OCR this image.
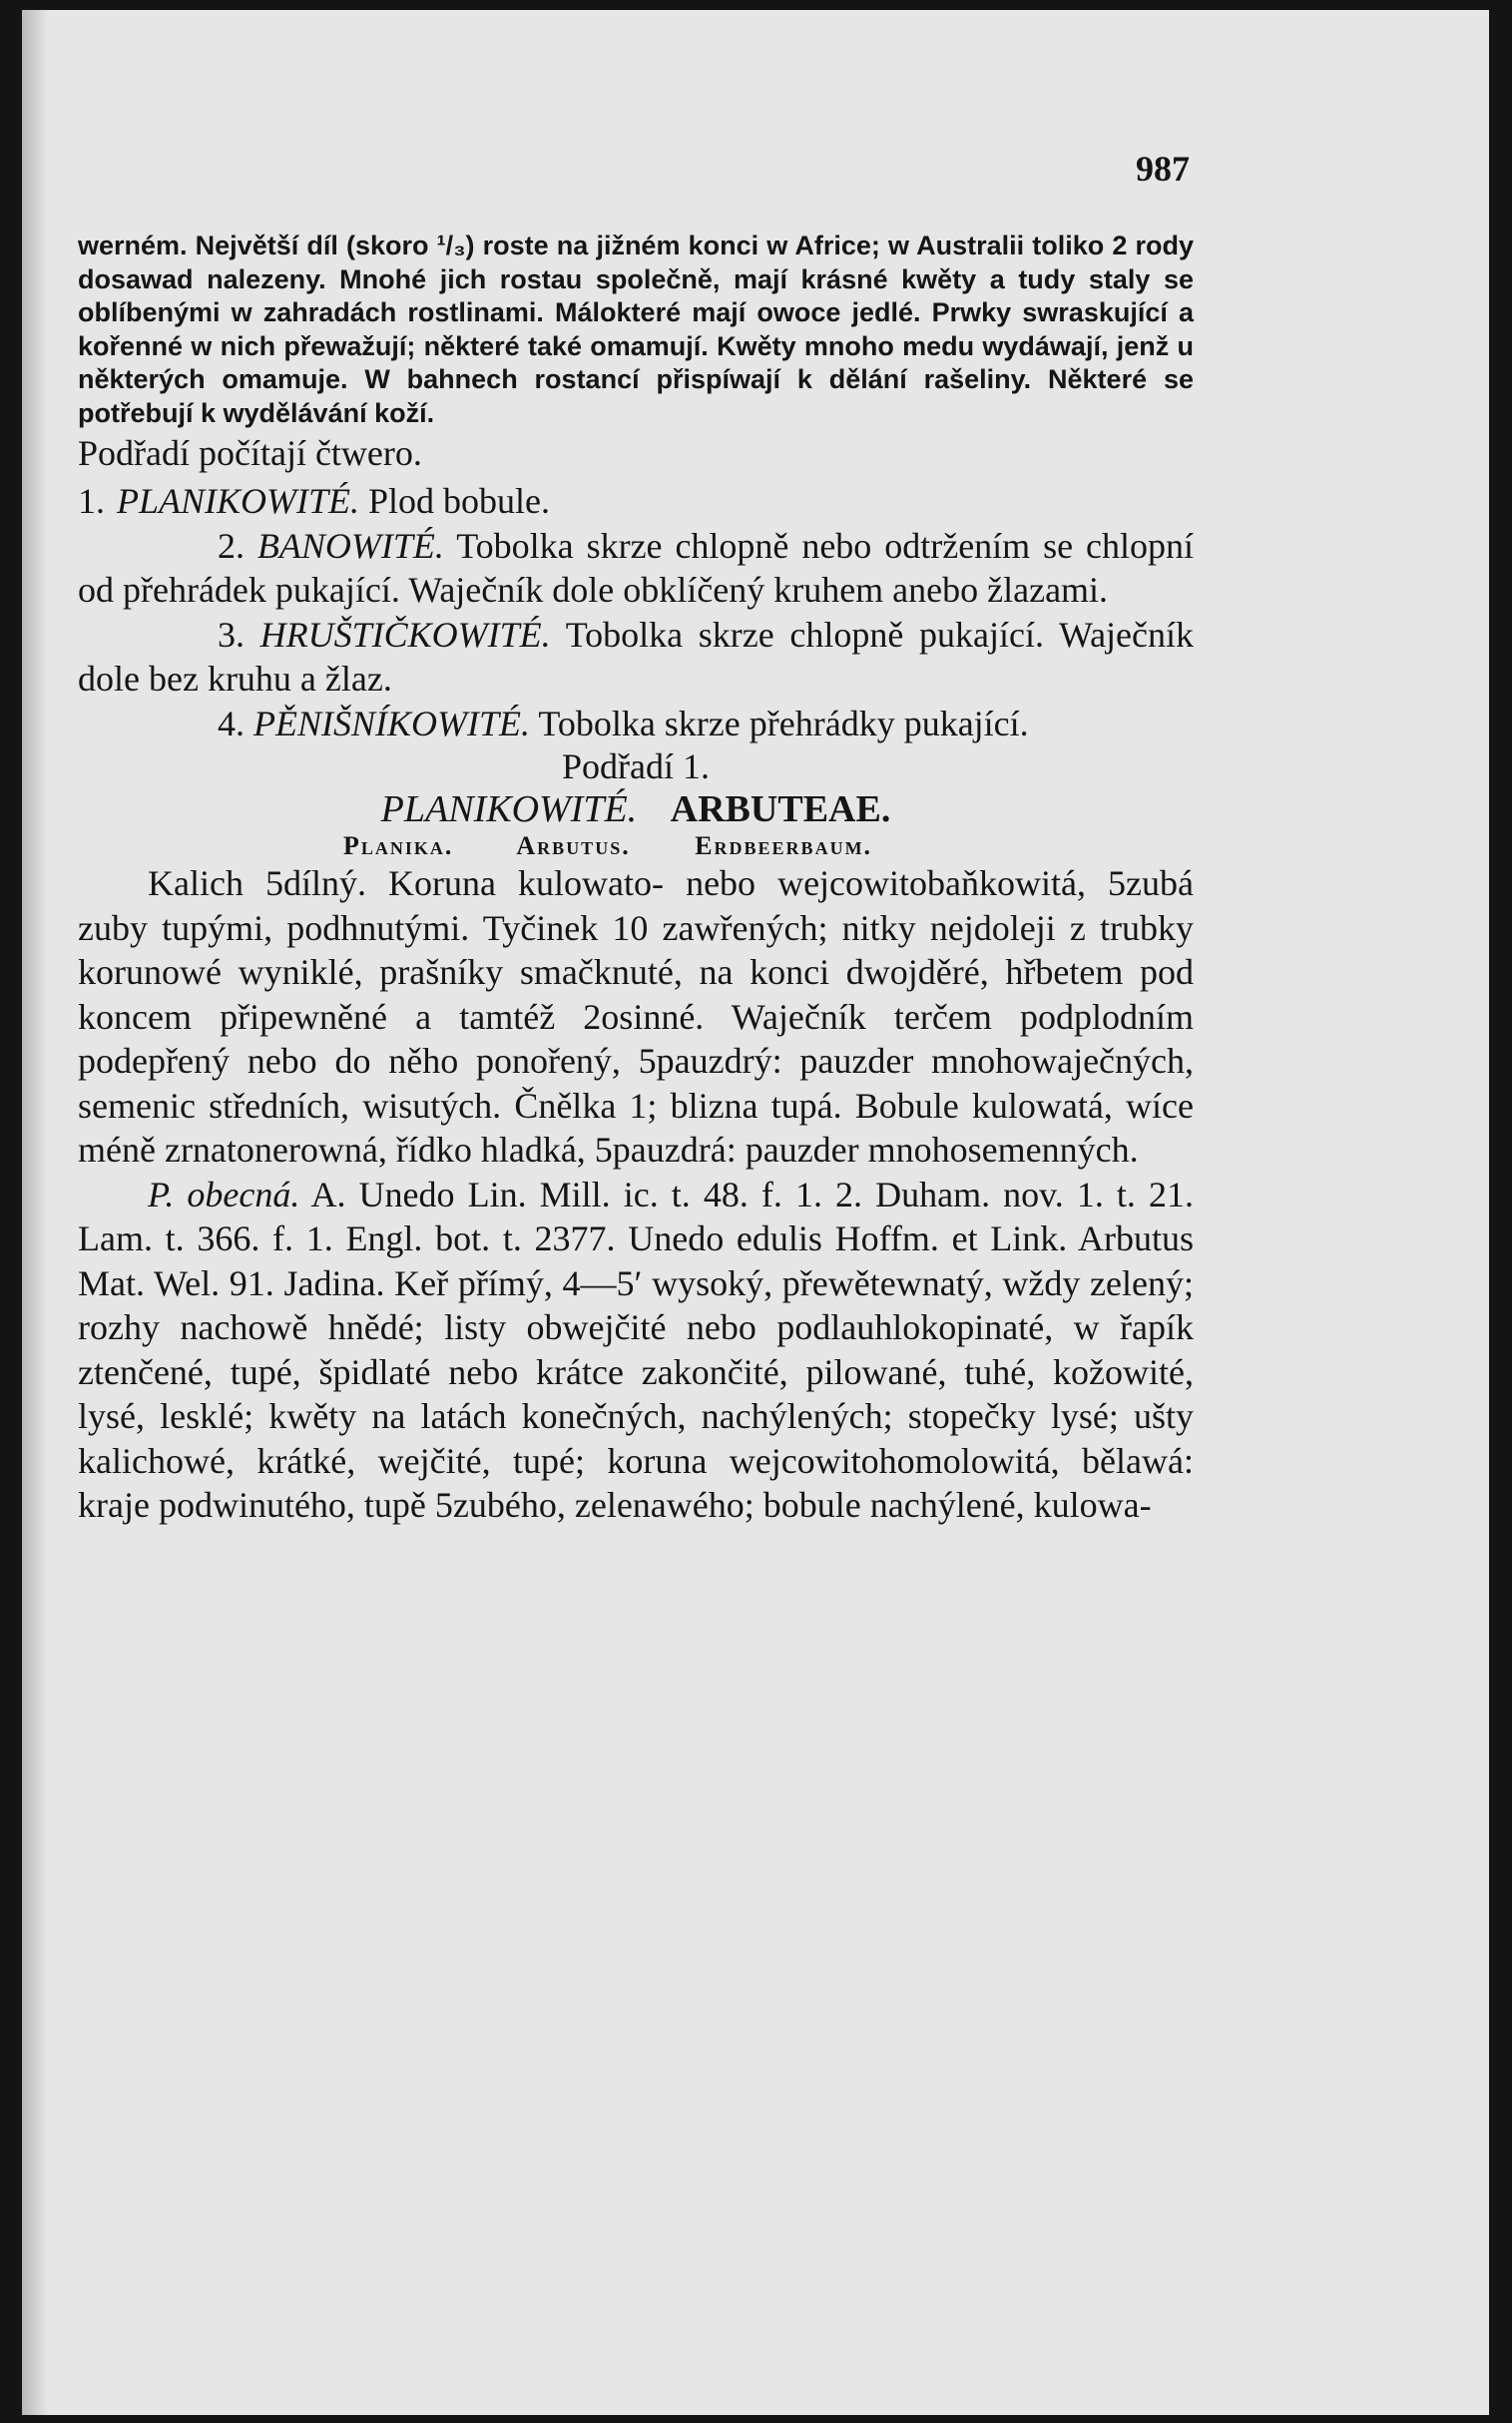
987

werném. Největší díl (skoro ¹/₃) roste na jižném konci w Africe; w Australii toliko 2 rody dosawad nalezeny. Mnohé jich rostau společně, mají krásné kwěty a tudy staly se oblíbenými w zahradách rostlinami. Málokteré mají owoce jedlé. Prwky swraskující a kořenné w nich přewažují; některé také omamují. Kwěty mnoho medu wydáwají, jenž u některých omamuje. W bahnech rostancí přispíwají k dělání rašeliny. Některé se potřebují k wydělávání koží.

Podřadí počítají čtwero.

1. PLANIKOWITÉ. Plod bobule.

2. BANOWITÉ. Tobolka skrze chlopně nebo odtržením se chlopní od přehrádek pukající. Waječník dole obklíčený kruhem anebo žlazami.

3. HRUŠTIČKOWITÉ. Tobolka skrze chlopně pukající. Waječník dole bez kruhu a žlaz.

4. PĚNIŠNÍKOWITÉ. Tobolka skrze přehrádky pukající.

Podřadí 1.

PLANIKOWITÉ. ARBUTEAE.

Planika. Arbutus. Erdbeerbaum.

Kalich 5dílný. Koruna kulowato- nebo wejcowitobaňkowitá, 5zubá zuby tupými, podhnutými. Tyčinek 10 zawřených; nitky nejdoleji z trubky korunowé wyniklé, prašníky smačknuté, na konci dwojděré, hřbetem pod koncem připewněné a tamtéž 2osinné. Waječník terčem podplodním podepřený nebo do něho ponořený, 5pauzdrý: pauzder mnohowaječných, semenic středních, wisutých. Čnělka 1; blizna tupá. Bobule kulowatá, wíce méně zrnatonerowná, řídko hladká, 5pauzdrá: pauzder mnohosemenných.

P. obecná. A. Unedo Lin. Mill. ic. t. 48. f. 1. 2. Duham. nov. 1. t. 21. Lam. t. 366. f. 1. Engl. bot. t. 2377. Unedo edulis Hoffm. et Link. Arbutus Mat. Wel. 91. Jadina. Keř přímý, 4—5′ wysoký, přewětewnatý, wždy zelený; rozhy nachowě hnědé; listy obwejčité nebo podlauhlokopinaté, w řapík ztenčené, tupé, špidlaté nebo krátce zakončité, pilowané, tuhé, kožowité, lysé, lesklé; kwěty na latách konečných, nachýlených; stopečky lysé; ušty kalichowé, krátké, wejčité, tupé; koruna wejcowitohomolowitá, bělawá: kraje podwinutého, tupě 5zubého, zelenawého; bobule nachýlené, kulowa-
